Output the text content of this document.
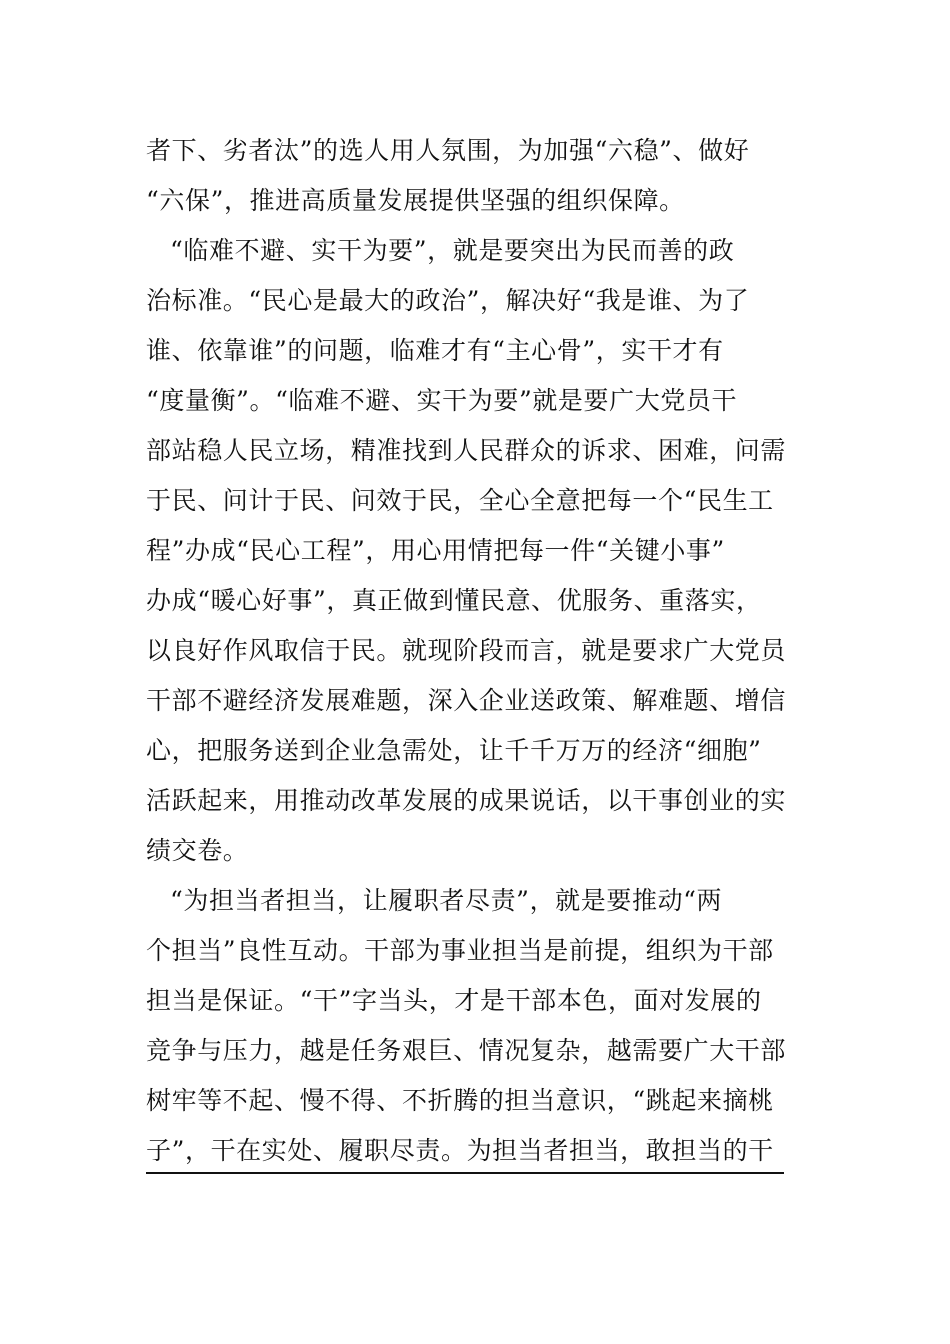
者下、劣者汰”的选人用人氛围，为加强“六稳”、做好
“六保”，推进高质量发展提供坚强的组织保障。
“临难不避、实干为要”，就是要突出为民而善的政
治标准。“民心是最大的政治”，解决好“我是谁、为了
谁、依靠谁”的问题，临难才有“主心骨”，实干才有
“度量衡”。“临难不避、实干为要”就是要广大党员干
部站稳人民立场，精准找到人民群众的诉求、困难，问需
于民、问计于民、问效于民，全心全意把每一个“民生工
程”办成“民心工程”，用心用情把每一件“关键小事”
办成“暖心好事”，真正做到懂民意、优服务、重落实，
以良好作风取信于民。就现阶段而言，就是要求广大党员
干部不避经济发展难题，深入企业送政策、解难题、增信
心，把服务送到企业急需处，让千千万万的经济“细胞”
活跃起来，用推动改革发展的成果说话，以干事创业的实
绩交卷。
“为担当者担当，让履职者尽责”，就是要推动“两
个担当”良性互动。干部为事业担当是前提，组织为干部
担当是保证。“干”字当头，才是干部本色，面对发展的
竞争与压力，越是任务艰巨、情况复杂，越需要广大干部
树牢等不起、慢不得、不折腾的担当意识，“跳起来摘桃
子”，干在实处、履职尽责。为担当者担当，敢担当的干
